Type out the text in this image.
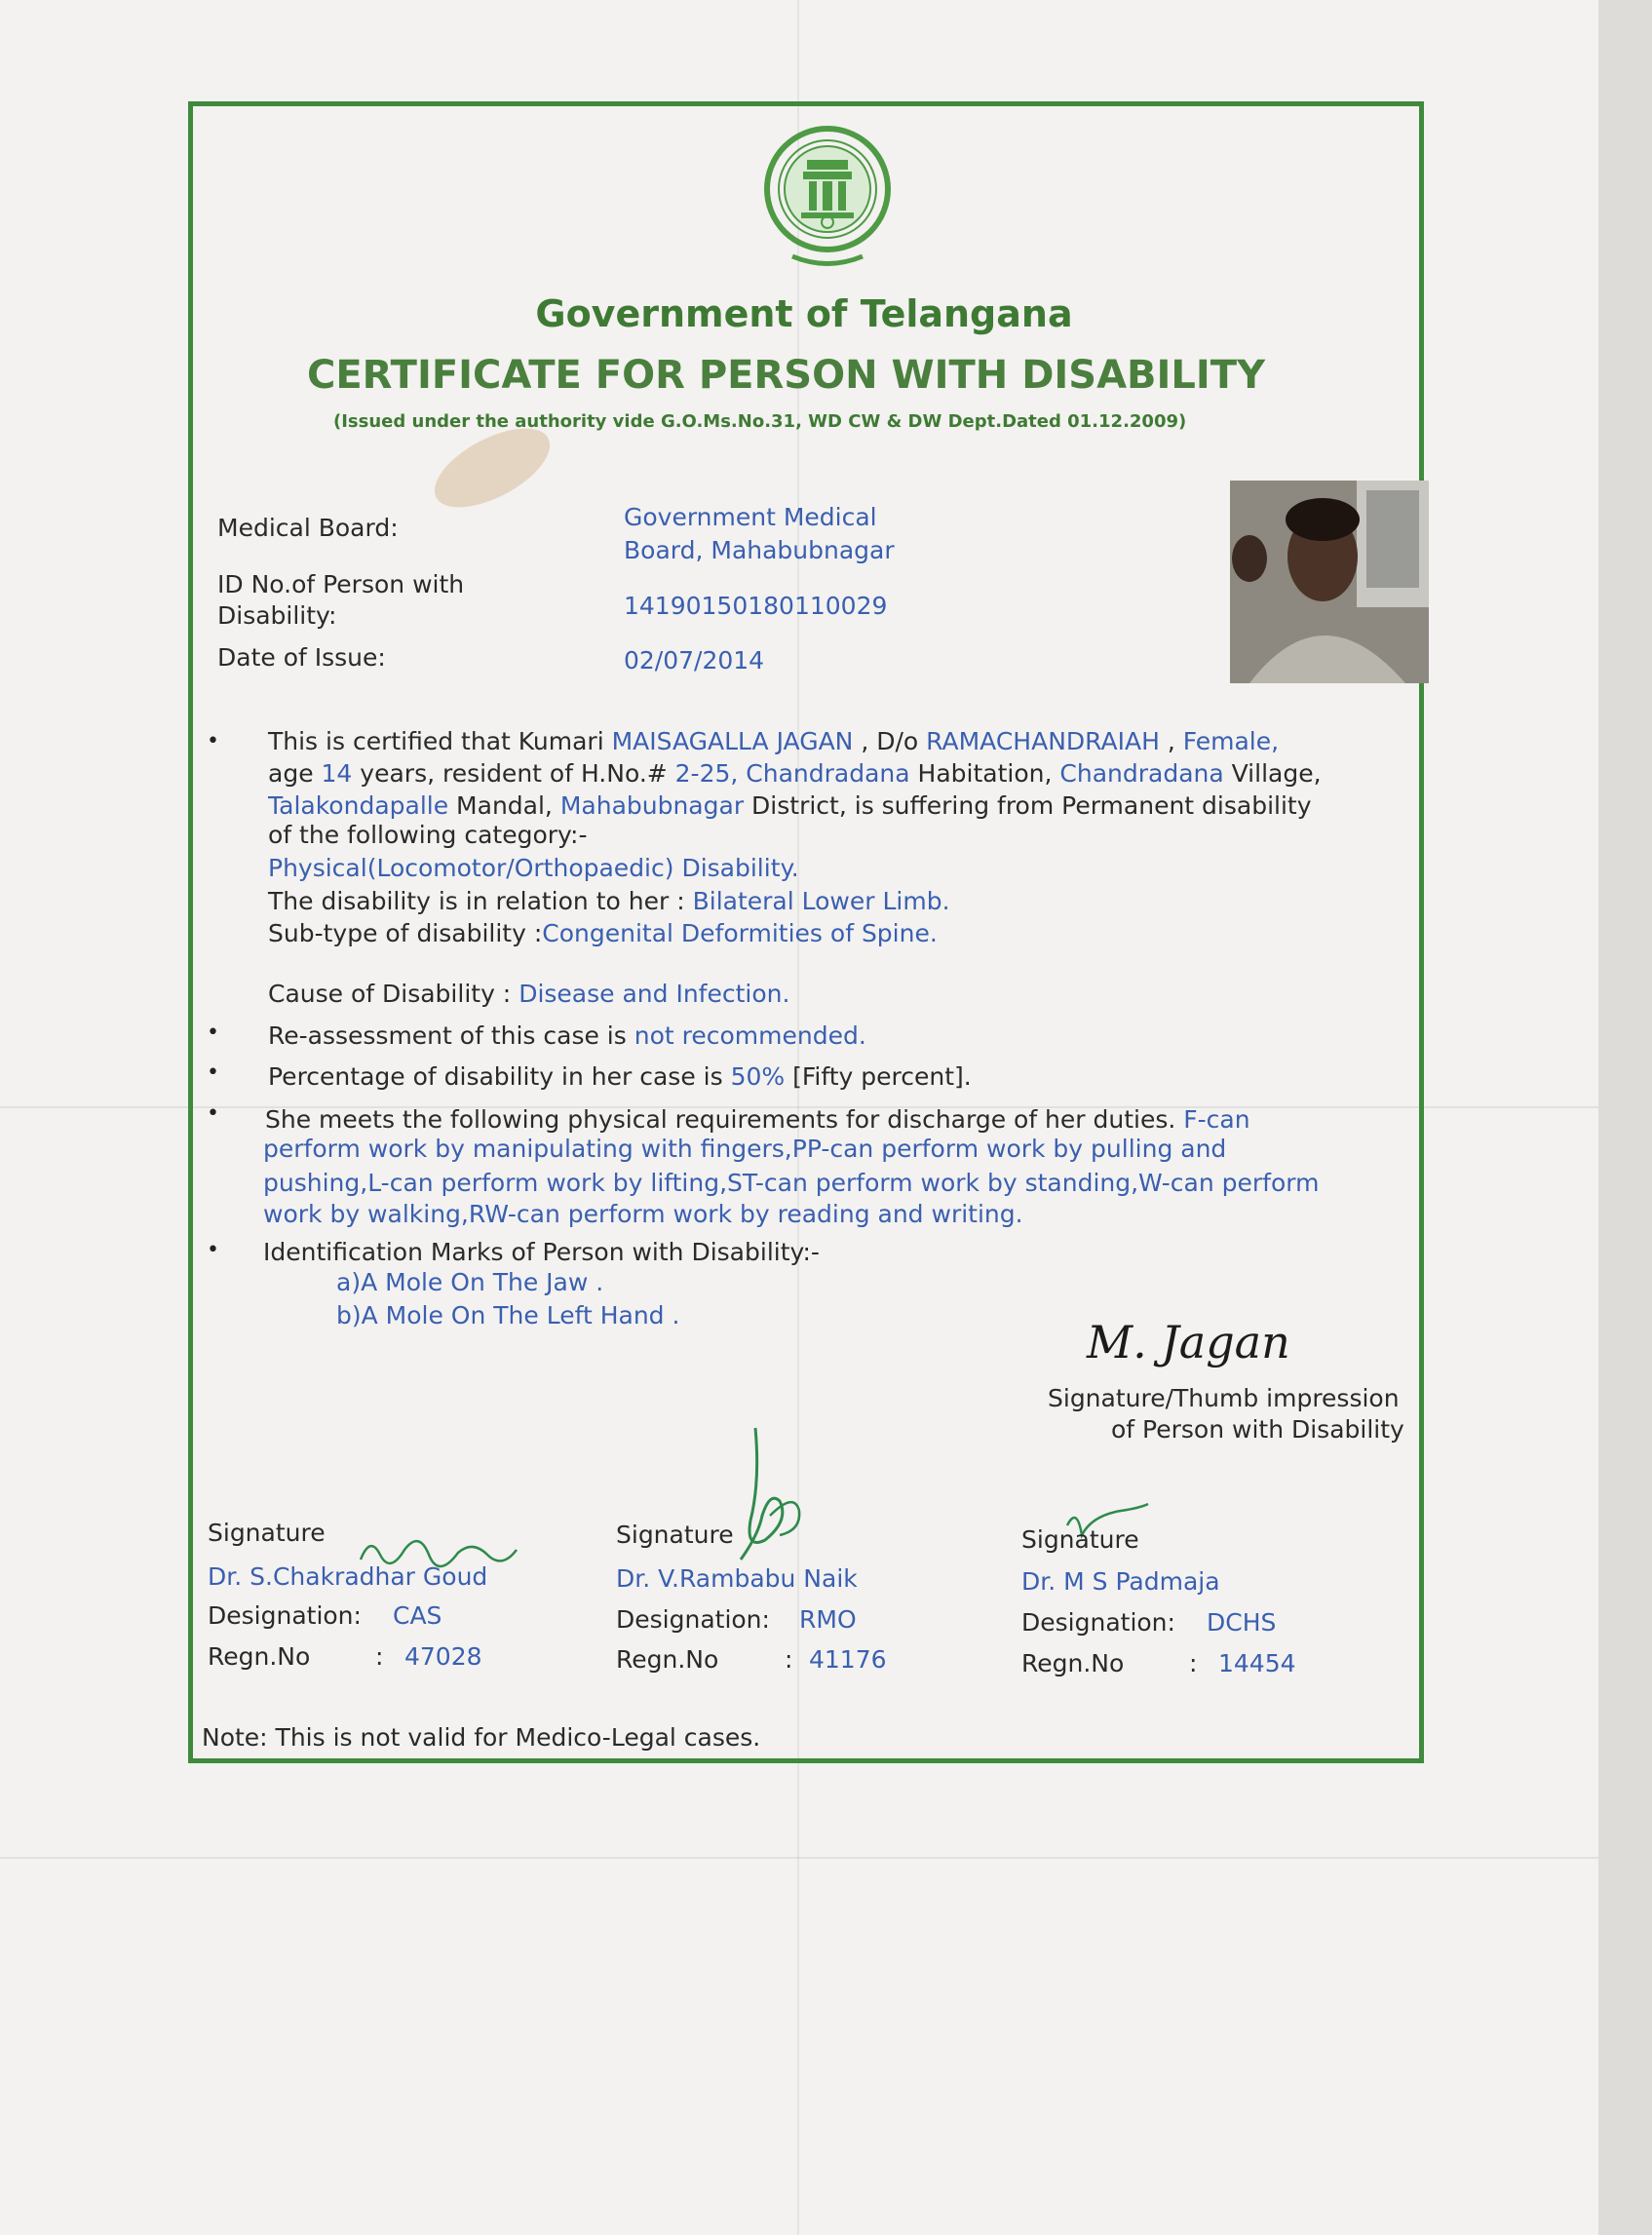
Government of Telangana
CERTIFICATE FOR PERSON WITH DISABILITY
(Issued under the authority vide G.O.Ms.No.31, WD CW & DW Dept.Dated 01.12.2009)
Medical Board:	Government Medical
Board, Mahabubnagar
ID No.of Person with
Disability:	14190150180110029
Date of Issue:	02/07/2014
•
•
•
•
•
This is certified that Kumari MAISAGALLA JAGAN , D/o RAMACHANDRAIAH , Female,
age 14 years, resident of H.No.# 2-25, Chandradana Habitation, Chandradana Village,
Talakondapalle Mandal, Mahabubnagar District, is suffering from Permanent disability
of the following category:-
Physical(Locomotor/Orthopaedic) Disability.
The disability is in relation to her : Bilateral Lower Limb.
Sub-type of disability :Congenital Deformities of Spine.
Cause of Disability : Disease and Infection.
Re-assessment of this case is not recommended.
Percentage of disability in her case is 50% [Fifty percent].
She meets the following physical requirements for discharge of her duties. F-can
perform work by manipulating with fingers,PP-can perform work by pulling and
pushing,L-can perform work by lifting,ST-can perform work by standing,W-can perform
work by walking,RW-can perform work by reading and writing.
Identification Marks of Person with Disability:-
a)A Mole On The Jaw .
b)A Mole On The Left Hand .
M. Jagan
Signature/Thumb impression
of Person with Disability
Signature
Dr. S.Chakradhar Goud
Designation: CAS
Regn.No	: 47028
Signature
Dr. V.Rambabu Naik
Designation: RMO
Regn.No	: 41176
Signature
Dr. M S Padmaja
Designation: DCHS
Regn.No	: 14454
Note: This is not valid for Medico-Legal cases.
